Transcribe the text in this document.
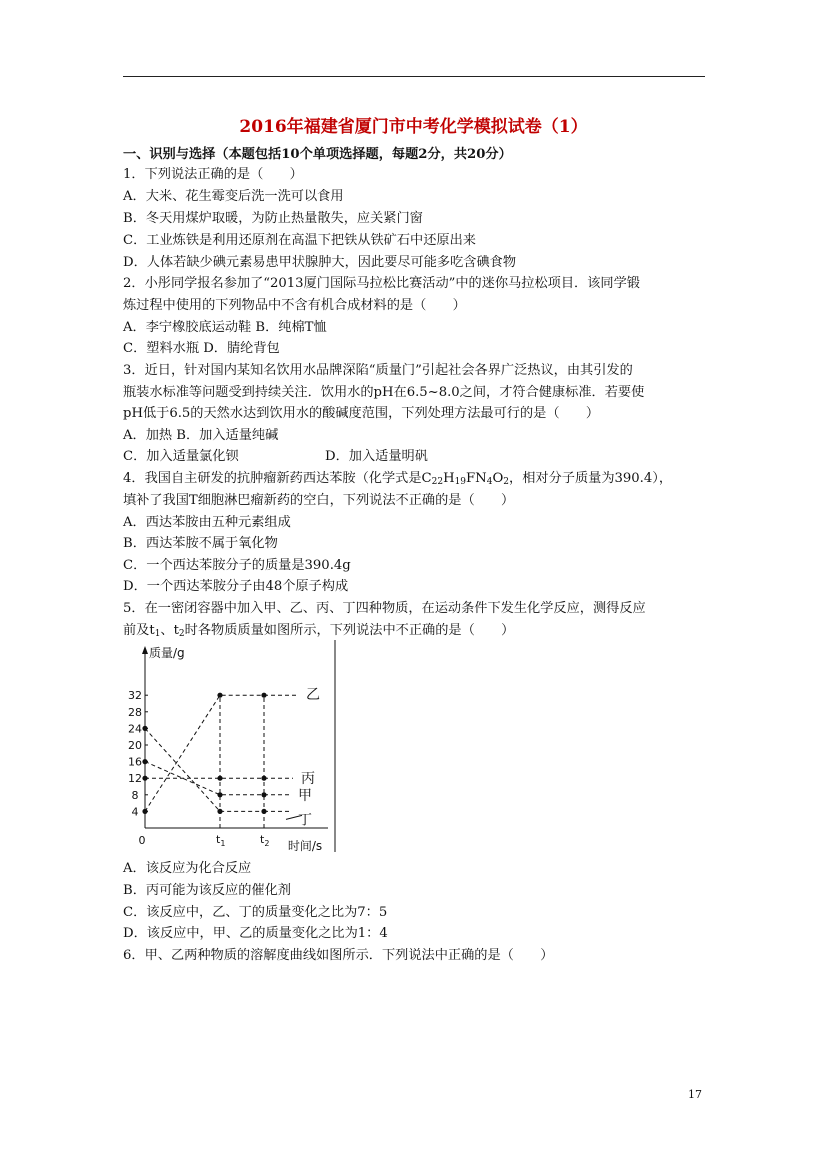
2016年福建省厦门市中考化学模拟试卷（1）
一、识别与选择（本题包括10个单项选择题，每题2分，共20分）
1．下列说法正确的是（　　）
A．大米、花生霉变后洗一洗可以食用
B．冬天用煤炉取暖，为防止热量散失，应关紧门窗
C．工业炼铁是利用还原剂在高温下把铁从铁矿石中还原出来
D．人体若缺少碘元素易患甲状腺肿大，因此要尽可能多吃含碘食物
2．小彤同学报名参加了“2013厦门国际马拉松比赛活动”中的迷你马拉松项目．该同学锻
炼过程中使用的下列物品中不含有机合成材料的是（　　）
A．李宁橡胶底运动鞋 B．纯棉T恤
C．塑料水瓶 D．腈纶背包
3．近日，针对国内某知名饮用水品牌深陷“质量门”引起社会各界广泛热议，由其引发的
瓶装水标准等问题受到持续关注．饮用水的pH在6.5~8.0之间，才符合健康标准．若要使
pH低于6.5的天然水达到饮用水的酸碱度范围，下列处理方法最可行的是（　　）
A．加热 B．加入适量纯碱
C．加入适量氯化钡	D．加入适量明矾
4．我国自主研发的抗肿瘤新药西达苯胺（化学式是C22H19FN4O2，相对分子质量为390.4），
填补了我国T细胞淋巴瘤新药的空白，下列说法不正确的是（　　）
A．西达苯胺由五种元素组成
B．西达苯胺不属于氧化物
C．一个西达苯胺分子的质量是390.4g
D．一个西达苯胺分子由48个原子构成
5．在一密闭容器中加入甲、乙、丙、丁四种物质，在运动条件下发生化学反应，测得反应
前及t1、t2时各物质质量如图所示，下列说法中不正确的是（　　）
质量/g
时间/s
0
4
8
12
16
20
24
28
32
$t_1$	$t_2$
乙
丙
甲
丁
A．该反应为化合反应
B．丙可能为该反应的催化剂
C．该反应中，乙、丁的质量变化之比为7：5
D．该反应中，甲、乙的质量变化之比为1：4
6．甲、乙两种物质的溶解度曲线如图所示．下列说法中正确的是（　　）
17
